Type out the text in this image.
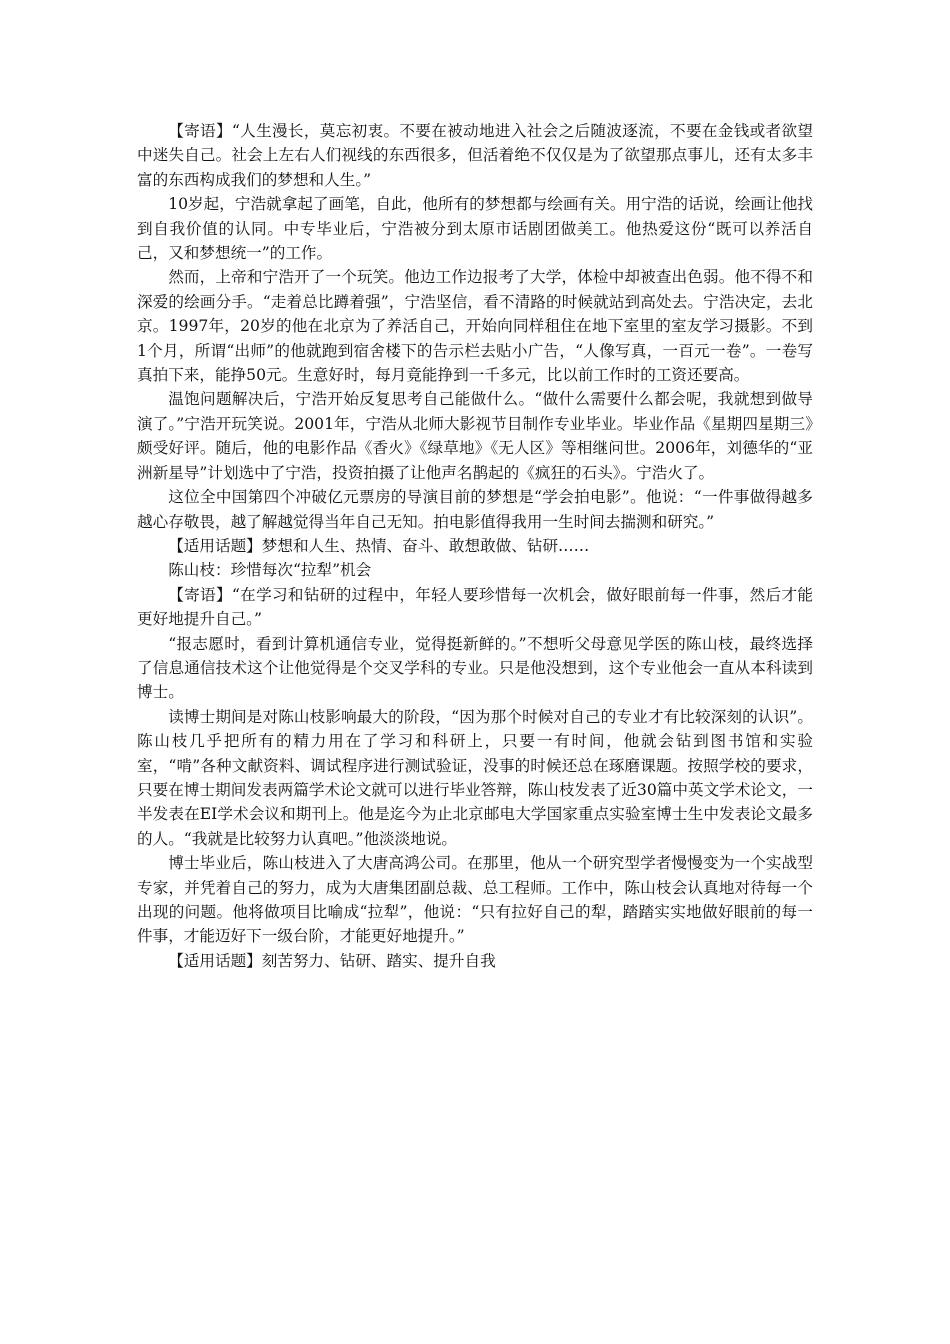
【寄语】“人生漫长，莫忘初衷。不要在被动地进入社会之后随波逐流，不要在金钱或者欲望中迷失自己。社会上左右人们视线的东西很多，但活着绝不仅仅是为了欲望那点事儿，还有太多丰富的东西构成我们的梦想和人生。”

10岁起，宁浩就拿起了画笔，自此，他所有的梦想都与绘画有关。用宁浩的话说，绘画让他找到自我价值的认同。中专毕业后，宁浩被分到太原市话剧团做美工。他热爱这份“既可以养活自己，又和梦想统一”的工作。

然而，上帝和宁浩开了一个玩笑。他边工作边报考了大学，体检中却被查出色弱。他不得不和深爱的绘画分手。“走着总比蹲着强”，宁浩坚信，看不清路的时候就站到高处去。宁浩决定，去北京。1997年，20岁的他在北京为了养活自己，开始向同样租住在地下室里的室友学习摄影。不到1个月，所谓“出师”的他就跑到宿舍楼下的告示栏去贴小广告，“人像写真，一百元一卷”。一卷写真拍下来，能挣50元。生意好时，每月竟能挣到一千多元，比以前工作时的工资还要高。

温饱问题解决后，宁浩开始反复思考自己能做什么。“做什么需要什么都会呢，我就想到做导演了。”宁浩开玩笑说。2001年，宁浩从北师大影视节目制作专业毕业。毕业作品《星期四星期三》颇受好评。随后，他的电影作品《香火》《绿草地》《无人区》等相继问世。2006年，刘德华的“亚洲新星导”计划选中了宁浩，投资拍摄了让他声名鹊起的《疯狂的石头》。宁浩火了。

这位全中国第四个冲破亿元票房的导演目前的梦想是“学会拍电影”。他说：“一件事做得越多越心存敬畏，越了解越觉得当年自己无知。拍电影值得我用一生时间去揣测和研究。”

【适用话题】梦想和人生、热情、奋斗、敢想敢做、钻研……

陈山枝：珍惜每次“拉犁”机会

【寄语】“在学习和钻研的过程中，年轻人要珍惜每一次机会，做好眼前每一件事，然后才能更好地提升自己。”

“报志愿时，看到计算机通信专业，觉得挺新鲜的。”不想听父母意见学医的陈山枝，最终选择了信息通信技术这个让他觉得是个交叉学科的专业。只是他没想到，这个专业他会一直从本科读到博士。

读博士期间是对陈山枝影响最大的阶段，“因为那个时候对自己的专业才有比较深刻的认识”。陈山枝几乎把所有的精力用在了学习和科研上，只要一有时间，他就会钻到图书馆和实验室，“啃”各种文献资料、调试程序进行测试验证，没事的时候还总在琢磨课题。按照学校的要求，只要在博士期间发表两篇学术论文就可以进行毕业答辩，陈山枝发表了近30篇中英文学术论文，一半发表在EI学术会议和期刊上。他是迄今为止北京邮电大学国家重点实验室博士生中发表论文最多的人。“我就是比较努力认真吧。”他淡淡地说。

博士毕业后，陈山枝进入了大唐高鸿公司。在那里，他从一个研究型学者慢慢变为一个实战型专家，并凭着自己的努力，成为大唐集团副总裁、总工程师。工作中，陈山枝会认真地对待每一个出现的问题。他将做项目比喻成“拉犁”，他说：“只有拉好自己的犁，踏踏实实地做好眼前的每一件事，才能迈好下一级台阶，才能更好地提升。”

【适用话题】刻苦努力、钻研、踏实、提升自我
